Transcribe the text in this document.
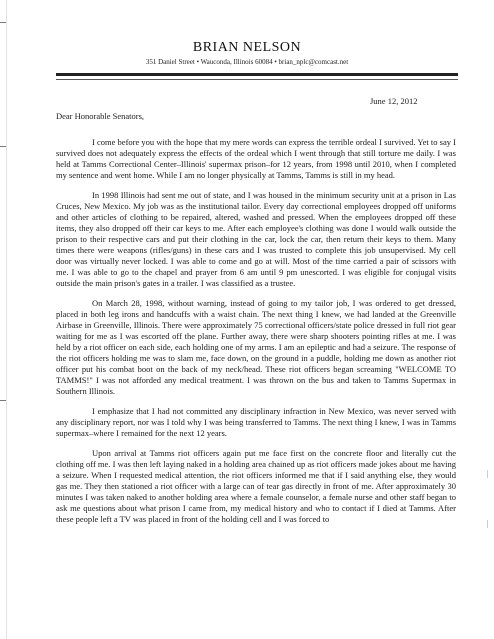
BRIAN NELSON
351 Daniel Street • Wauconda, Illinois 60084 • brian_nplc@comcast.net
June 12, 2012
Dear Honorable Senators,

I come before you with the hope that my mere words can express the terrible ordeal I survived. Yet to say I survived does not adequately express the effects of the ordeal which I went through that still torture me daily. I was held at Tamms Correctional Center–Illinois' supermax prison–for 12 years, from 1998 until 2010, when I completed my sentence and went home. While I am no longer physically at Tamms, Tamms is still in my head.

In 1998 Illinois had sent me out of state, and I was housed in the minimum security unit at a prison in Las Cruces, New Mexico. My job was as the institutional tailor. Every day correctional employees dropped off uniforms and other articles of clothing to be repaired, altered, washed and pressed. When the employees dropped off these items, they also dropped off their car keys to me. After each employee's clothing was done I would walk outside the prison to their respective cars and put their clothing in the car, lock the car, then return their keys to them. Many times there were weapons (rifles/guns) in these cars and I was trusted to complete this job unsupervised. My cell door was virtually never locked. I was able to come and go at will. Most of the time carried a pair of scissors with me. I was able to go to the chapel and prayer from 6 am until 9 pm unescorted. I was eligible for conjugal visits outside the main prison's gates in a trailer. I was classified as a trustee.

On March 28, 1998, without warning, instead of going to my tailor job, I was ordered to get dressed, placed in both leg irons and handcuffs with a waist chain. The next thing I knew, we had landed at the Greenville Airbase in Greenville, Illinois. There were approximately 75 correctional officers/state police dressed in full riot gear waiting for me as I was escorted off the plane. Further away, there were sharp shooters pointing rifles at me. I was held by a riot officer on each side, each holding one of my arms. I am an epileptic and had a seizure. The response of the riot officers holding me was to slam me, face down, on the ground in a puddle, holding me down as another riot officer put his combat boot on the back of my neck/head. These riot officers began screaming "WELCOME TO TAMMS!" I was not afforded any medical treatment. I was thrown on the bus and taken to Tamms Supermax in Southern Illinois.

I emphasize that I had not committed any disciplinary infraction in New Mexico, was never served with any disciplinary report, nor was I told why I was being transferred to Tamms. The next thing I knew, I was in Tamms supermax–where I remained for the next 12 years.

Upon arrival at Tamms riot officers again put me face first on the concrete floor and literally cut the clothing off me. I was then left laying naked in a holding area chained up as riot officers made jokes about me having a seizure. When I requested medical attention, the riot officers informed me that if I said anything else, they would gas me. They then stationed a riot officer with a large can of tear gas directly in front of me. After approximately 30 minutes I was taken naked to another holding area where a female counselor, a female nurse and other staff began to ask me questions about what prison I came from, my medical history and who to contact if I died at Tamms. After these people left a TV was placed in front of the holding cell and I was forced to
